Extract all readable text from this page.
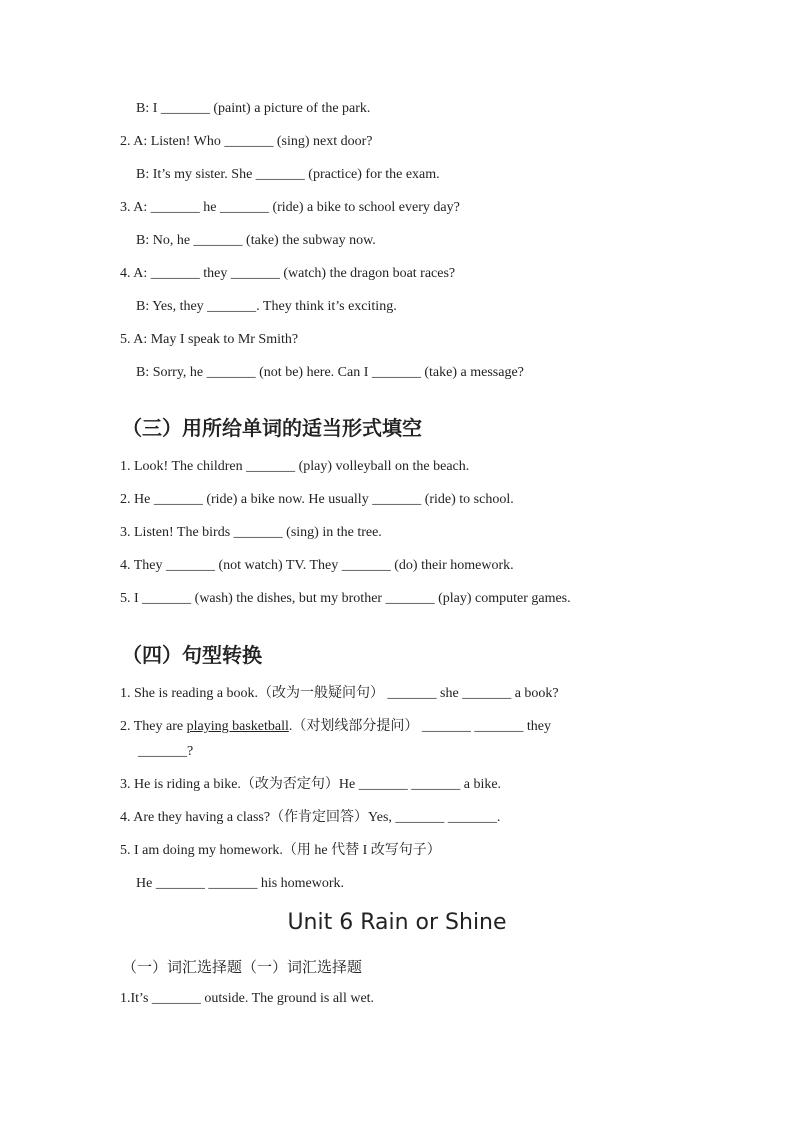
B: I _______ (paint) a picture of the park.
2. A: Listen! Who _______ (sing) next door?
B: It’s my sister. She _______ (practice) for the exam.
3. A: _______ he _______ (ride) a bike to school every day?
B: No, he _______ (take) the subway now.
4. A: _______ they _______ (watch) the dragon boat races?
B: Yes, they _______. They think it’s exciting.
5. A: May I speak to Mr Smith?
B: Sorry, he _______ (not be) here. Can I _______ (take) a message?
（三）用所给单词的适当形式填空
1. Look! The children _______ (play) volleyball on the beach.
2. He _______ (ride) a bike now. He usually _______ (ride) to school.
3. Listen! The birds _______ (sing) in the tree.
4. They _______ (not watch) TV. They _______ (do) their homework.
5. I _______ (wash) the dishes, but my brother _______ (play) computer games.
（四）句型转换
1. She is reading a book.（改为一般疑问句） _______ she _______ a book?
2. They are playing basketball.（对划线部分提问） _______ _______ they
_______?
3. He is riding a bike.（改为否定句）He _______ _______ a bike.
4. Are they having a class?（作肯定回答）Yes, _______ _______.
5. I am doing my homework.（用 he 代替 I 改写句子）
He _______ _______ his homework.
Unit 6 Rain or Shine
（一）词汇选择题（一）词汇选择题
1.It’s _______ outside. The ground is all wet.
